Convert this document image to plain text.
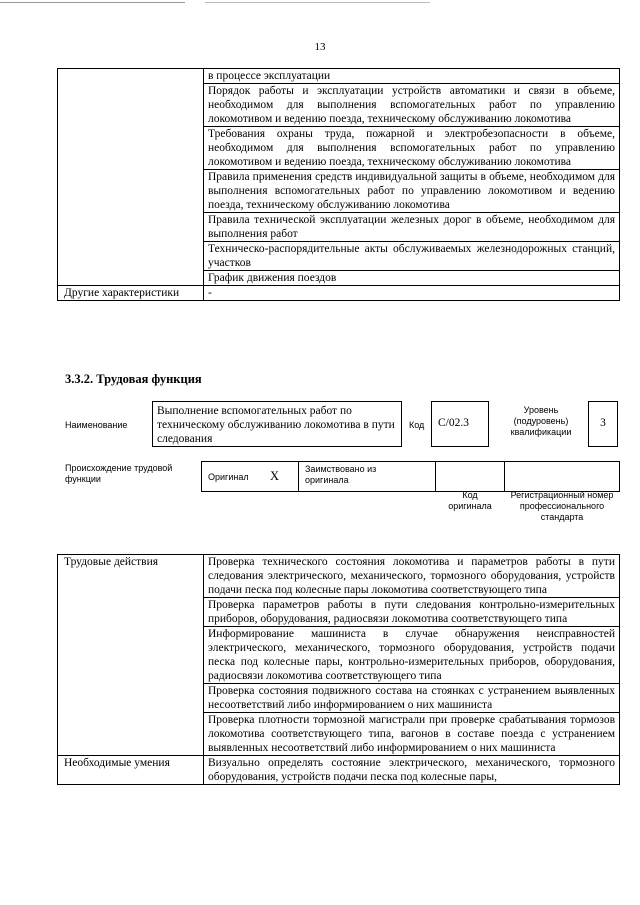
13
	в процессе эксплуатации
	Порядок работы и эксплуатации устройств автоматики и связи в объеме, необходимом для выполнения вспомогательных работ по управлению локомотивом и ведению поезда, техническому обслуживанию локомотива
	Требования охраны труда, пожарной и электробезопасности в объеме, необходимом для выполнения вспомогательных работ по управлению локомотивом и ведению поезда, техническому обслуживанию локомотива
	Правила применения средств индивидуальной защиты в объеме, необходимом для выполнения вспомогательных работ по управлению локомотивом и ведению поезда, техническому обслуживанию локомотива
	Правила технической эксплуатации железных дорог в объеме, необходимом для выполнения работ
	Техническо-распорядительные акты обслуживаемых железнодорожных станций, участков
	График движения поездов
Другие характеристики	-
3.3.2. Трудовая функция
Наименование
Выполнение вспомогательных работ по техническому обслуживанию локомотива в пути следования
Код	C/02.3
Уровень (подуровень) квалификации
3
Происхождение трудовой функции	Оригинал X	Заимствовано из оригинала
Код оригинала
Регистрационный номер профессионального стандарта
Трудовые действия	Проверка технического состояния локомотива и параметров работы в пути следования электрического, механического, тормозного оборудования, устройств подачи песка под колесные пары локомотива соответствующего типа
	Проверка параметров работы в пути следования контрольно-измерительных приборов, оборудования, радиосвязи локомотива соответствующего типа
	Информирование машиниста в случае обнаружения неисправностей электрического, механического, тормозного оборудования, устройств подачи песка под колесные пары, контрольно-измерительных приборов, оборудования, радиосвязи локомотива соответствующего типа
	Проверка состояния подвижного состава на стоянках с устранением выявленных несоответствий либо информированием о них машиниста
	Проверка плотности тормозной магистрали при проверке срабатывания тормозов локомотива соответствующего типа, вагонов в составе поезда с устранением выявленных несоответствий либо информированием о них машиниста
Необходимые умения	Визуально определять состояние электрического, механического, тормозного оборудования, устройств подачи песка под колесные пары,
